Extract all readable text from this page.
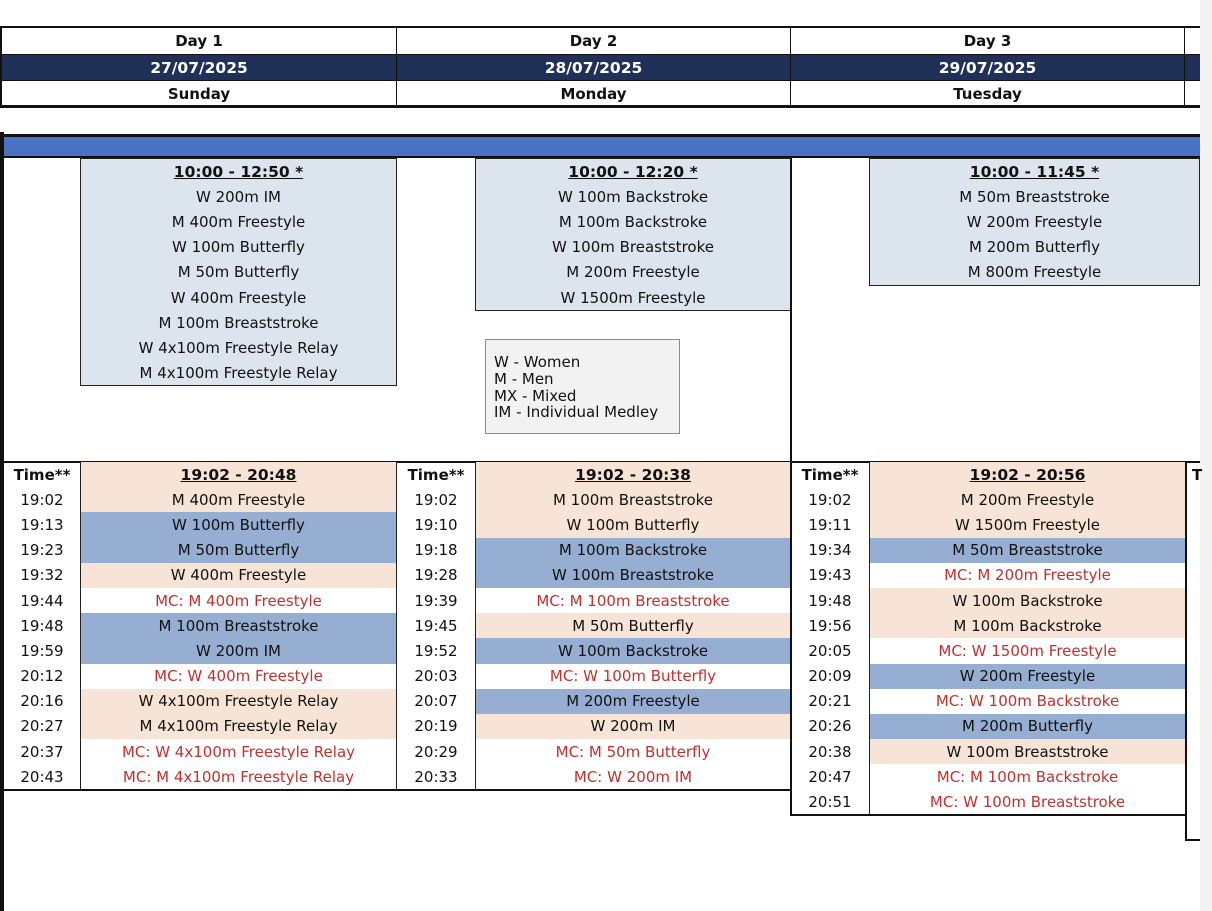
Day 1
27/07/2025
Sunday
Day 2
28/07/2025
Monday
Day 3
29/07/2025
Tuesday
10:00 - 12:50 *
W 200m IM
M 400m Freestyle
W 100m Butterfly
M 50m Butterfly
W 400m Freestyle
M 100m Breaststroke
W 4x100m Freestyle Relay
M 4x100m Freestyle Relay
10:00 - 12:20 *
W 100m Backstroke
M 100m Backstroke
W 100m Breaststroke
M 200m Freestyle
W 1500m Freestyle
10:00 - 11:45 *
M 50m Breaststroke
W 200m Freestyle
M 200m Butterfly
M 800m Freestyle
W - Women
M - Men
MX - Mixed
IM - Individual Medley
Time**
19:02
19:13
19:23
19:32
19:44
19:48
19:59
20:12
20:16
20:27
20:37
20:43
19:02 - 20:48
M 400m Freestyle
W 100m Butterfly
M 50m Butterfly
W 400m Freestyle
MC: M 400m Freestyle
M 100m Breaststroke
W 200m IM
MC: W 400m Freestyle
W 4x100m Freestyle Relay
M 4x100m Freestyle Relay
MC: W 4x100m Freestyle Relay
MC: M 4x100m Freestyle Relay
Time**
19:02
19:10
19:18
19:28
19:39
19:45
19:52
20:03
20:07
20:19
20:29
20:33
19:02 - 20:38
M 100m Breaststroke
W 100m Butterfly
M 100m Backstroke
W 100m Breaststroke
MC: M 100m Breaststroke
M 50m Butterfly
W 100m Backstroke
MC: W 100m Butterfly
M 200m Freestyle
W 200m IM
MC: M 50m Butterfly
MC: W 200m IM
Time**
19:02
19:11
19:34
19:43
19:48
19:56
20:05
20:09
20:21
20:26
20:38
20:47
20:51
19:02 - 20:56
M 200m Freestyle
W 1500m Freestyle
M 50m Breaststroke
MC: M 200m Freestyle
W 100m Backstroke
M 100m Backstroke
MC: W 1500m Freestyle
W 200m Freestyle
MC: W 100m Backstroke
M 200m Butterfly
W 100m Breaststroke
MC: M 100m Backstroke
MC: W 100m Breaststroke
T
